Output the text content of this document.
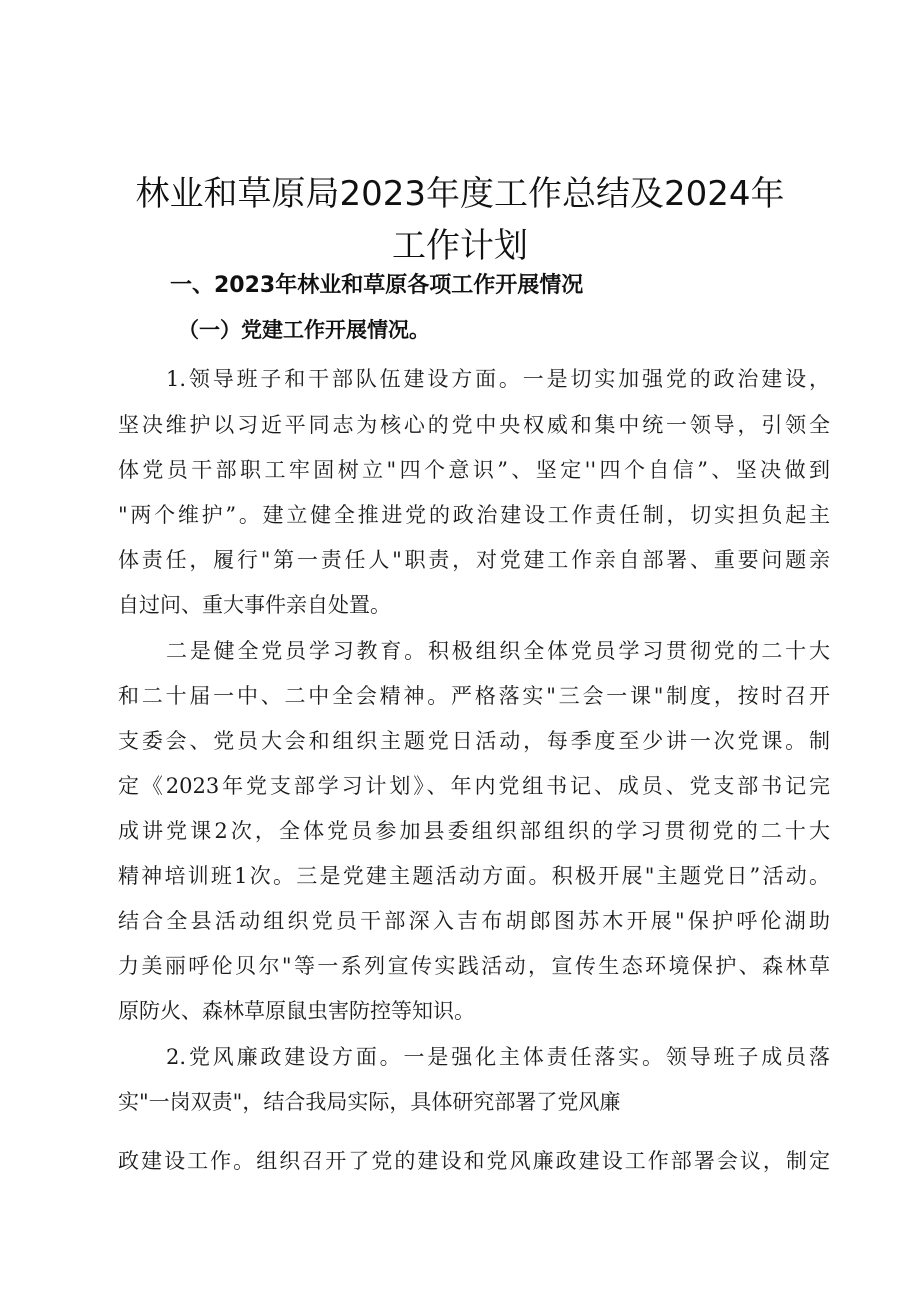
林业和草原局2023年度工作总结及2024年
工作计划
一、2023年林业和草原各项工作开展情况
（一）党建工作开展情况。
1.领导班子和干部队伍建设方面。一是切实加强党的政治建设，
坚决维护以习近平同志为核心的党中央权威和集中统一领导，引领全
体党员干部职工牢固树立"四个意识”、坚定''四个自信”、坚决做到
"两个维护”。建立健全推进党的政治建设工作责任制，切实担负起主
体责任，履行"第一责任人"职责，对党建工作亲自部署、重要问题亲
自过问、重大事件亲自处置。
二是健全党员学习教育。积极组织全体党员学习贯彻党的二十大
和二十届一中、二中全会精神。严格落实"三会一课"制度，按时召开
支委会、党员大会和组织主题党日活动，每季度至少讲一次党课。制
定《2023年党支部学习计划》、年内党组书记、成员、党支部书记完
成讲党课2次，全体党员参加县委组织部组织的学习贯彻党的二十大
精神培训班1次。三是党建主题活动方面。积极开展"主题党日”活动。
结合全县活动组织党员干部深入吉布胡郎图苏木开展"保护呼伦湖助
力美丽呼伦贝尔"等一系列宣传实践活动，宣传生态环境保护、森林草
原防火、森林草原鼠虫害防控等知识。
2.党风廉政建设方面。一是强化主体责任落实。领导班子成员落
实"一岗双责"，结合我局实际，具体研究部署了党风廉
政建设工作。组织召开了党的建设和党风廉政建设工作部署会议，制定
